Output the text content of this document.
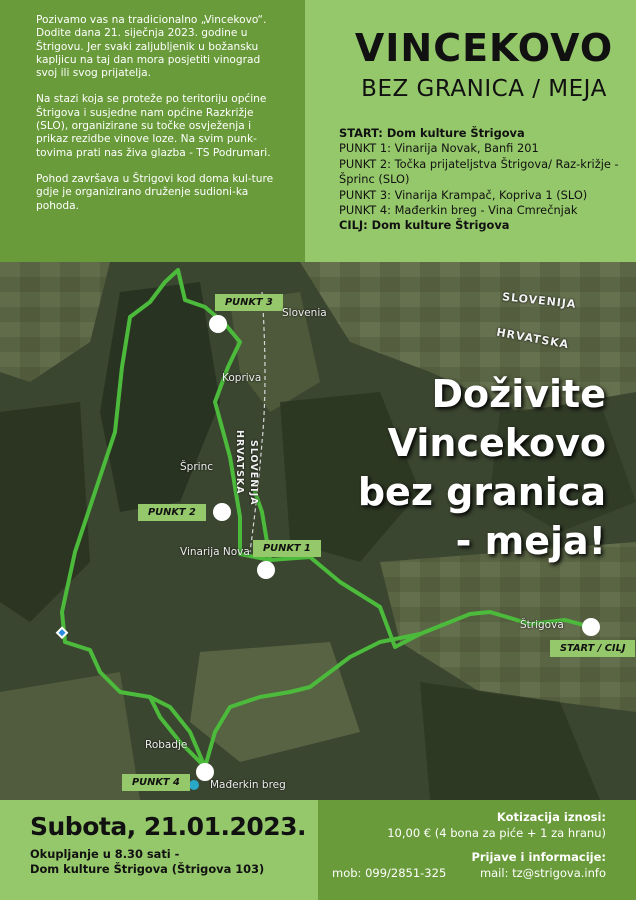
Pozivamo vas na tradicionalno „Vincekovo“. Dodite dana 21. siječnja 2023. godine u Štrigovu. Jer svaki zaljubljenik u božansku kapljicu na taj dan mora posjetiti vinograd svoj ili svog prijatelja.

Na stazi koja se proteže po teritoriju općine Štrigova i susjedne nam općine Razkrižje (SLO), organizirane su točke osvježenja i prikaz rezidbe vinove loze. Na svim punk-tovima prati nas živa glazba - TS Podrumari.

Pohod završava u Štrigovi kod doma kul-ture gdje je organizirano druženje sudioni-ka pohoda.

VINCEKOVO
BEZ GRANICA / MEJA
START: Dom kulture Štrigova
PUNKT 1: Vinarija Novak, Banfi 201
PUNKT 2: Točka prijateljstva Štrigova/ Raz-križje - Šprinc (SLO)
PUNKT 3: Vinarija Krampač, Kopriva 1 (SLO)
PUNKT 4: Mađerkin breg - Vina Cmrečnjak
CILJ: Dom kulture Štrigova
PUNKT 3
PUNKT 2
PUNKT 1
PUNKT 4
START / CILJ
Slovenia
Kopriva
Šprinc
Vinarija Nova
Štrigova
Robadje
Mađerkin breg
SLOVENIJA
HRVATSKA
HRVATSKA SLOVENIJA
Doživite
Vincekovo
bez granica
- meja!
Subota, 21.01.2023.
Okupljanje u 8.30 sati -
Dom kulture Štrigova (Štrigova 103)
Kotizacija iznosi:
10,00 € (4 bona za piće + 1 za hranu)
Prijave i informacije:
mob: 099/2851-325	mail: tz@strigova.info
